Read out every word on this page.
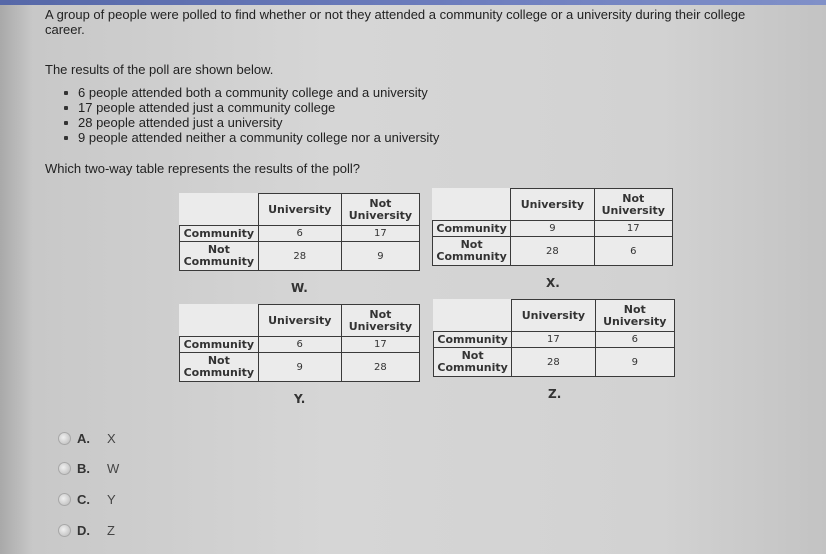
A group of people were polled to find whether or not they attended a community college or a university during their college career.
The results of the poll are shown below.
6 people attended both a community college and a university
17 people attended just a community college
28 people attended just a university
9 people attended neither a community college nor a university
Which two-way table represents the results of the poll?
	University	Not University
Community	6	17
Not Community	28	9
W.
	University	Not University
Community	9	17
Not Community	28	6
X.
	University	Not University
Community	6	17
Not Community	9	28
Y.
	University	Not University
Community	17	6
Not Community	28	9
Z.
A.	X
B.	W
C.	Y
D.	Z
